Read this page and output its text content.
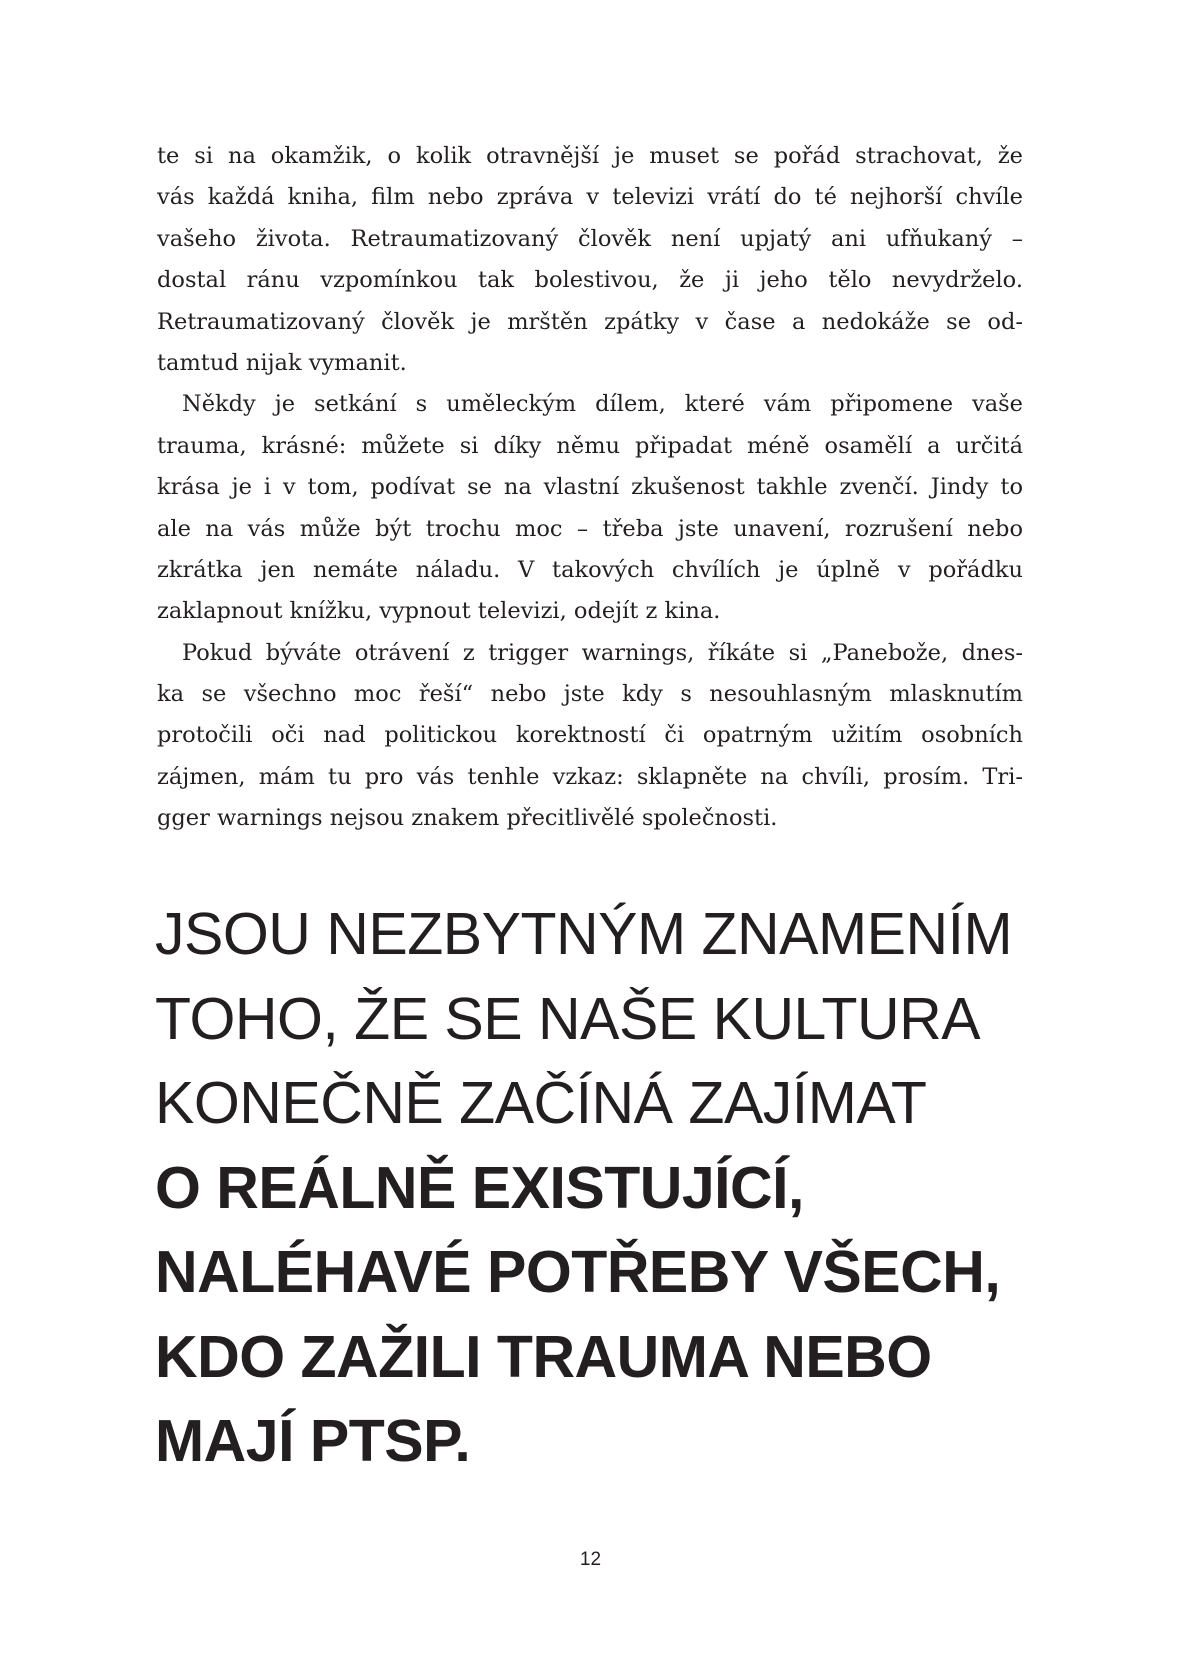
te si na okamžik, o kolik otravnější je muset se pořád strachovat, že
vás každá kniha, film nebo zpráva v televizi vrátí do té nejhorší chvíle
vašeho života. Retraumatizovaný člověk není upjatý ani ufňukaný –
dostal ránu vzpomínkou tak bolestivou, že ji jeho tělo nevydrželo.
Retraumatizovaný člověk je mrštěn zpátky v čase a nedokáže se od-
tamtud nijak vymanit.
Někdy je setkání s uměleckým dílem, které vám připomene vaše
trauma, krásné: můžete si díky němu připadat méně osamělí a určitá
krása je i v tom, podívat se na vlastní zkušenost takhle zvenčí. Jindy to
ale na vás může být trochu moc – třeba jste unavení, rozrušení nebo
zkrátka jen nemáte náladu. V takových chvílích je úplně v pořádku
zaklapnout knížku, vypnout televizi, odejít z kina.
Pokud býváte otrávení z trigger warnings, říkáte si „Panebože, dnes-
ka se všechno moc řeší“ nebo jste kdy s nesouhlasným mlasknutím
protočili oči nad politickou korektností či opatrným užitím osobních
zájmen, mám tu pro vás tenhle vzkaz: sklapněte na chvíli, prosím. Tri-
gger warnings nejsou znakem přecitlivělé společnosti.
JSOU NEZBYTNÝM ZNAMENÍM
TOHO, ŽE SE NAŠE KULTURA
KONEČNĚ ZAČÍNÁ ZAJÍMAT
O REÁLNĚ EXISTUJÍCÍ,
NALÉHAVÉ POTŘEBY VŠECH,
KDO ZAŽILI TRAUMA NEBO
MAJÍ PTSP.
12
